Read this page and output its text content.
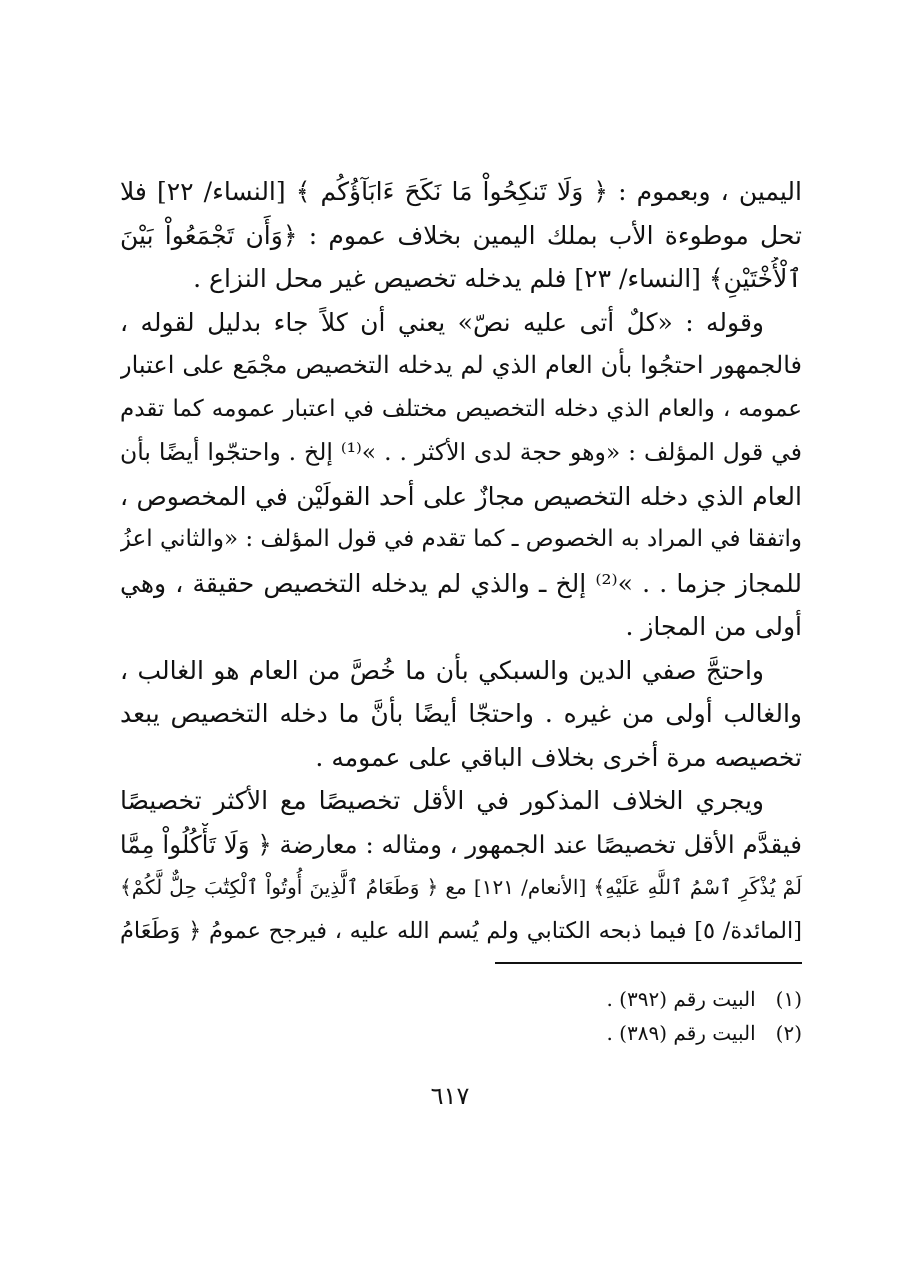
اليمين ، وبعموم : ﴿ وَلَا تَنكِحُواْ مَا نَكَحَ ءَابَآؤُكُم ﴾ [النساء/ ٢٢] فلا
تحل موطوءة الأب بملك اليمين بخلاف عموم : ﴿وَأَن تَجْمَعُواْ بَيْنَ
ٱلْأُخْتَيْنِ﴾ [النساء/ ٢٣] فلم يدخله تخصيص غير محل النزاع .
وقوله : «كلٌ أتى عليه نصّ» يعني أن كلاً جاء بدليل لقوله ،
فالجمهور احتجُوا بأن العام الذي لم يدخله التخصيص مجْمَع على اعتبار
عمومه ، والعام الذي دخله التخصيص مختلف في اعتبار عمومه كما تقدم
في قول المؤلف : «وهو حجة لدى الأكثر . . »⁽¹⁾ إلخ . واحتجّوا أيضًا بأن
العام الذي دخله التخصيص مجازٌ على أحد القولَيْن في المخصوص ،
واتفقا في المراد به الخصوص ـ كما تقدم في قول المؤلف : «والثاني اعزُ
للمجاز جزما . . »⁽²⁾ إلخ ـ والذي لم يدخله التخصيص حقيقة ، وهي
أولى من المجاز .
واحتجَّ صفي الدين والسبكي بأن ما خُصَّ من العام هو الغالب ،
والغالب أولى من غيره . واحتجّا أيضًا بأنَّ ما دخله التخصيص يبعد
تخصيصه مرة أخرى بخلاف الباقي على عمومه .
ويجري الخلاف المذكور في الأقل تخصيصًا مع الأكثر تخصيصًا
فيقدَّم الأقل تخصيصًا عند الجمهور ، ومثاله : معارضة ﴿ وَلَا تَأْكُلُواْ مِمَّا
لَمْ يُذْكَرِ ٱسْمُ ٱللَّهِ عَلَيْهِ﴾ [الأنعام/ ١٢١] مع ﴿ وَطَعَامُ ٱلَّذِينَ أُوتُواْ ٱلْكِتَٰبَ حِلٌّ لَّكُمْ﴾
[المائدة/ ٥] فيما ذبحه الكتابي ولم يُسم الله عليه ، فيرجح عمومُ ﴿ وَطَعَامُ
(١)البيت رقم (٣٩٢) .
(٢)البيت رقم (٣٨٩) .
٦١٧
